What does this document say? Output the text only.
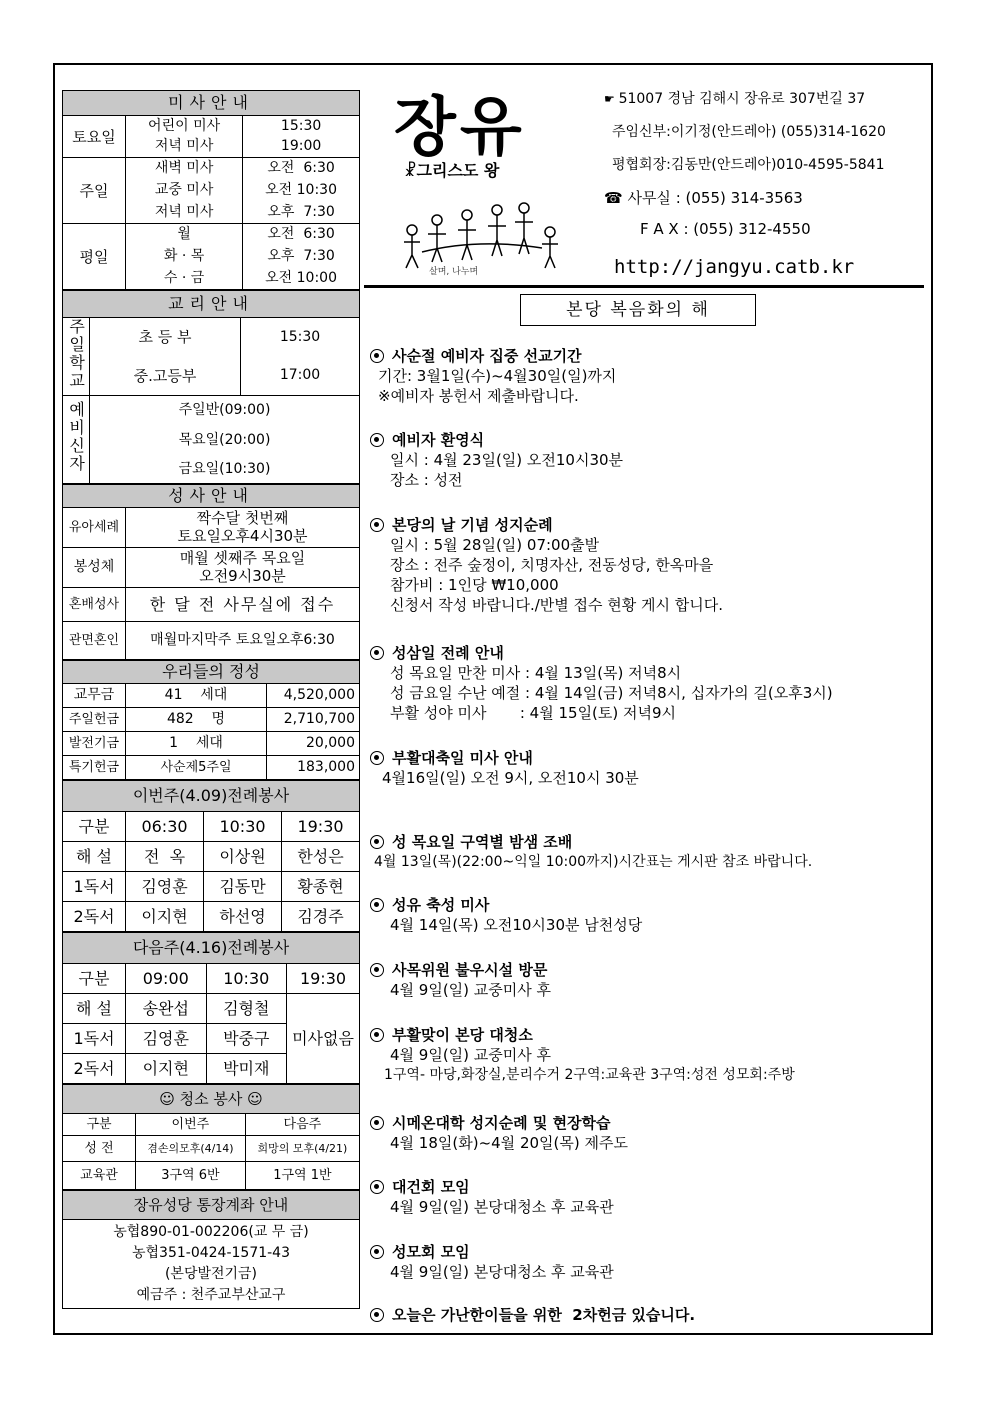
장유
☧그리스도 왕
살며, 나누며
☛ 51007 경남 김해시 장유로 307번길 37
주임신부:이기정(안드레아) (055)314-1620
평협회장:김동만(안드레아)010-4595-5841
☎ 사무실 : (055) 314-3563
F A X : (055) 312-4550
http://jangyu.catb.kr
본당 복음화의 해
미사안내		
토요일	어린이 미사	15:30
	저녁 미사	19:00
주일	새벽 미사	오전  6:30
	교중 미사	오전 10:30
	저녁 미사	오후  7:30
평일	월	오전  6:30
	화 · 목	오후  7:30
	수 · 금	오전 10:00
교리안내		
주일학교	초 등 부	15:30
	중.고등부	17:00
예비신자	주일반(09:00)	
	목요일(20:00)	
	금요일(10:30)	
성사안내	
유아세례	짝수달 첫번째
토요일오후4시30분

봉성체	매월 셋째주 목요일
오전9시30분

혼배성사	한 달 전 사무실에 접수
관면혼인	매월마지막주 토요일오후6:30
우리들의 정성		
교무금	41    세대	4,520,000
주일헌금	482    명	2,710,700
발전기금	1    세대	20,000
특기헌금	사순제5주일	183,000
이번주(4.09)전례봉사			
구분	06:30	10:30	19:30
해 설	전  옥	이상원	한성은
1독서	김영훈	김동만	황종현
2독서	이지현	하선영	김경주
다음주(4.16)전례봉사			
구분	09:00	10:30	19:30
해 설	송완섭	김형철	미사없음
1독서	김영훈	박중구	
2독서	이지현	박미재	
☺ 청소 봉사 ☺		
구분	이번주	다음주
성 전	겸손의모후(4/14)	희망의 모후(4/21)
교육관	3구역 6반	1구역 1반
장유성당 통장계좌 안내

농협890-01-002206(교 무 금)
농협351-0424-1571-43
(본당발전기금)
예금주 : 천주교부산교구
사순절 예비자 집중 선교기간
기간: 3월1일(수)~4월30일(일)까지
※예비자 봉헌서 제출바랍니다.
예비자 환영식
일시 : 4월 23일(일) 오전10시30분
장소 : 성전
본당의 날 기념 성지순례
일시 : 5월 28일(일) 07:00출발
장소 : 전주 숲정이, 치명자산, 전동성당, 한옥마을
참가비 : 1인당 ₩10,000
신청서 작성 바랍니다./반별 접수 현황 게시 합니다.
성삼일 전례 안내
성 목요일 만찬 미사 : 4월 13일(목) 저녁8시
성 금요일 수난 예절 : 4월 14일(금) 저녁8시, 십자가의 길(오후3시)
부활 성야 미사       : 4월 15일(토) 저녁9시
부활대축일 미사 안내
4월16일(일) 오전 9시, 오전10시 30분
성 목요일 구역별 밤샘 조배
4월 13일(목)(22:00~익일 10:00까지)시간표는 게시판 참조 바랍니다.
성유 축성 미사
4월 14일(목) 오전10시30분 남천성당
사목위원 불우시설 방문
4월 9일(일) 교중미사 후
부활맞이 본당 대청소
4월 9일(일) 교중미사 후
1구역- 마당,화장실,분리수거 2구역:교육관 3구역:성전 성모회:주방
시메온대학 성지순례 및 현장학습
4월 18일(화)~4월 20일(목) 제주도
대건회 모임
4월 9일(일) 본당대청소 후 교육관
성모회 모임
4월 9일(일) 본당대청소 후 교육관
오늘은 가난한이들을 위한  2차헌금 있습니다.
